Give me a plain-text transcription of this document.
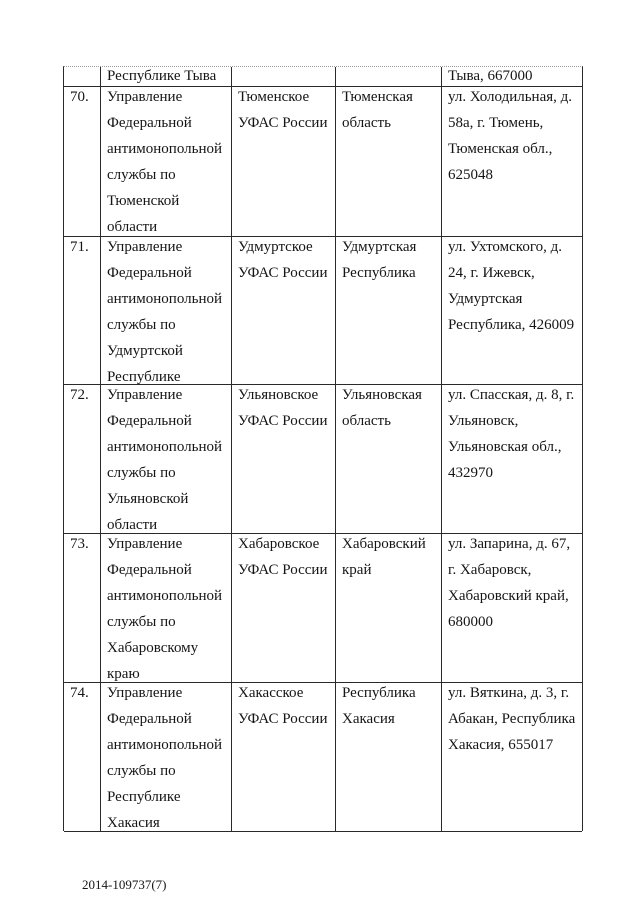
Республике Тыва	Тыва, 667000
70. Управление
Федеральной
антимонопольной
службы по
Тюменской
области
Тюменское
УФАС России
Тюменская
область
ул. Холодильная, д.
58а, г. Тюмень,
Тюменская обл.,
625048
71. Управление
Федеральной
антимонопольной
службы по
Удмуртской
Республике
Удмуртское
УФАС России
Удмуртская
Республика
ул. Ухтомского, д.
24, г. Ижевск,
Удмуртская
Республика, 426009
72. Управление
Федеральной
антимонопольной
службы по
Ульяновской
области
Ульяновское
УФАС России
Ульяновская
область
ул. Спасская, д. 8, г.
Ульяновск,
Ульяновская обл.,
432970
73. Управление
Федеральной
антимонопольной
службы по
Хабаровскому
краю
Хабаровское
УФАС России
Хабаровский
край
ул. Запарина, д. 67,
г. Хабаровск,
Хабаровский край,
680000
74. Управление
Федеральной
антимонопольной
службы по
Республике
Хакасия
Хакасское
УФАС России
Республика
Хакасия
ул. Вяткина, д. 3, г.
Абакан, Республика
Хакасия, 655017
2014-109737(7)
